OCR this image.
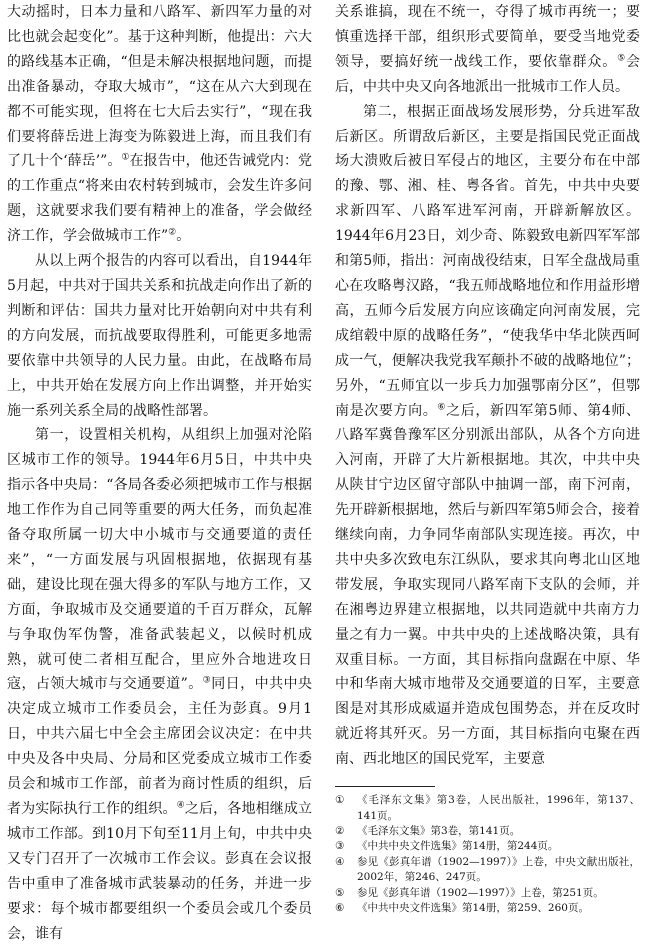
大动摇时，日本力量和八路军、新四军力量的对比也就会起变化”。基于这种判断，他提出：六大的路线基本正确，“但是未解决根据地问题，而提出准备暴动，夺取大城市”，“这在从六大到现在都不可能实现，但将在七大后去实行”，“现在我们要将薛岳进上海变为陈毅进上海，而且我们有了几十个‘薛岳’”。①在报告中，他还告诫党内：党的工作重点“将来由农村转到城市，会发生许多问题，这就要求我们要有精神上的准备，学会做经济工作，学会做城市工作”②。

从以上两个报告的内容可以看出，自1944年5月起，中共对于国共关系和抗战走向作出了新的判断和评估：国共力量对比开始朝向对中共有利的方向发展，而抗战要取得胜利，可能更多地需要依靠中共领导的人民力量。由此，在战略布局上，中共开始在发展方向上作出调整，并开始实施一系列关系全局的战略性部署。

第一，设置相关机构，从组织上加强对沦陷区城市工作的领导。1944年6月5日，中共中央指示各中央局：“各局各委必须把城市工作与根据地工作作为自己同等重要的两大任务，而负起准备夺取所属一切大中小城市与交通要道的责任来”，“一方面发展与巩固根据地，依据现有基础，建设比现在强大得多的军队与地方工作，又方面，争取城市及交通要道的千百万群众，瓦解与争取伪军伪警，准备武装起义，以候时机成熟，就可使二者相互配合，里应外合地进攻日寇，占领大城市与交通要道”。③同日，中共中央决定成立城市工作委员会，主任为彭真。9月1日，中共六届七中全会主席团会议决定：在中共中央及各中央局、分局和区党委成立城市工作委员会和城市工作部，前者为商讨性质的组织，后者为实际执行工作的组织。④之后，各地相继成立城市工作部。到10月下旬至11月上旬，中共中央又专门召开了一次城市工作会议。彭真在会议报告中重申了准备城市武装暴动的任务，并进一步要求：每个城市都要组织一个委员会或几个委员会，谁有

关系谁搞，现在不统一，夺得了城市再统一；要慎重选择干部，组织形式要简单，要受当地党委领导，要搞好统一战线工作，要依靠群众。⑤会后，中共中央又向各地派出一批城市工作人员。

第二，根据正面战场发展形势，分兵进军敌后新区。所谓敌后新区，主要是指国民党正面战场大溃败后被日军侵占的地区，主要分布在中部的豫、鄂、湘、桂、粤各省。首先，中共中央要求新四军、八路军进军河南，开辟新解放区。1944年6月23日，刘少奇、陈毅致电新四军军部和第5师，指出：河南战役结束，日军全盘战局重心在攻略粤汉路，“我五师战略地位和作用益形增高，五师今后发展方向应该确定向河南发展，完成绾毂中原的战略任务”，“使我华中华北陕西呵成一气，便解决我党我军颠扑不破的战略地位”；另外，“五师宜以一步兵力加强鄂南分区”，但鄂南是次要方向。⑥之后，新四军第5师、第4师、八路军冀鲁豫军区分别派出部队，从各个方向进入河南，开辟了大片新根据地。其次，中共中央从陕甘宁边区留守部队中抽调一部，南下河南，先开辟新根据地，然后与新四军第5师会合，接着继续向南，力争同华南部队实现连接。再次，中共中央多次致电东江纵队，要求其向粤北山区地带发展，争取实现同八路军南下支队的会师，并在湘粤边界建立根据地，以共同造就中共南方力量之有力一翼。中共中央的上述战略决策，具有双重目标。一方面，其目标指向盘踞在中原、华中和华南大城市地带及交通要道的日军，主要意图是对其形成威逼并造成包围势态，并在反攻时就近将其歼灭。另一方面，其目标指向屯聚在西南、西北地区的国民党军，主要意

①	《毛泽东文集》第3卷，人民出版社，1996年，第137、141页。
②	《毛泽东文集》第3卷，第141页。
③	《中共中央文件选集》第14册，第244页。
④	参见《彭真年谱（1902—1997）》上卷，中央文献出版社，2002年，第246、247页。
⑤	参见《彭真年谱（1902—1997）》上卷，第251页。
⑥	《中共中央文件选集》第14册，第259、260页。
